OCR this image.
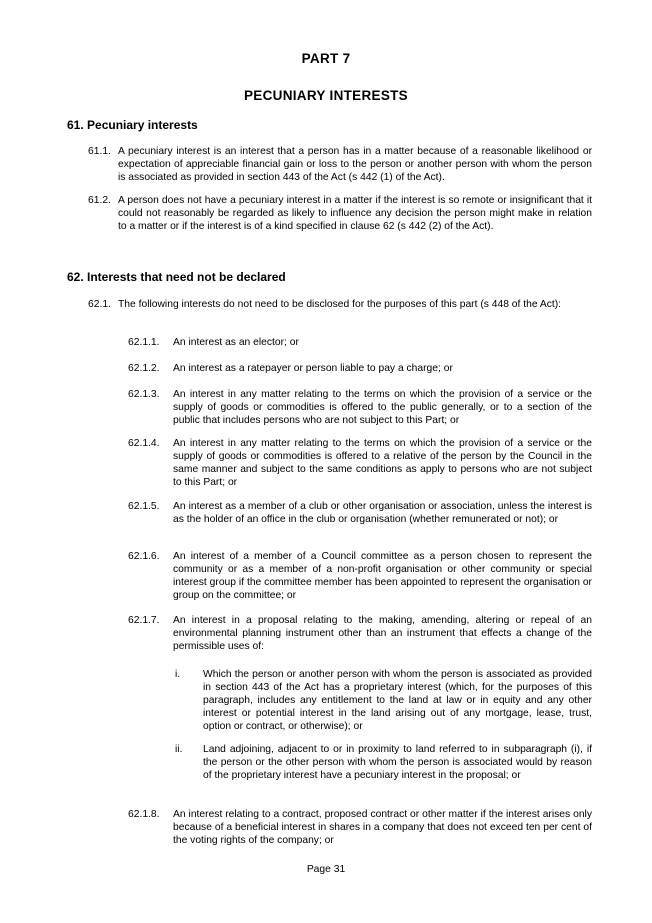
PART 7
PECUNIARY INTERESTS
61. Pecuniary interests
61.1. A pecuniary interest is an interest that a person has in a matter because of a reasonable likelihood or expectation of appreciable financial gain or loss to the person or another person with whom the person is associated as provided in section 443 of the Act (s 442 (1) of the Act).
61.2. A person does not have a pecuniary interest in a matter if the interest is so remote or insignificant that it could not reasonably be regarded as likely to influence any decision the person might make in relation to a matter or if the interest is of a kind specified in clause 62 (s 442 (2) of the Act).
62. Interests that need not be declared
62.1. The following interests do not need to be disclosed for the purposes of this part (s 448 of the Act):
62.1.1. An interest as an elector; or
62.1.2. An interest as a ratepayer or person liable to pay a charge; or
62.1.3. An interest in any matter relating to the terms on which the provision of a service or the supply of goods or commodities is offered to the public generally, or to a section of the public that includes persons who are not subject to this Part; or
62.1.4. An interest in any matter relating to the terms on which the provision of a service or the supply of goods or commodities is offered to a relative of the person by the Council in the same manner and subject to the same conditions as apply to persons who are not subject to this Part; or
62.1.5. An interest as a member of a club or other organisation or association, unless the interest is as the holder of an office in the club or organisation (whether remunerated or not); or
62.1.6. An interest of a member of a Council committee as a person chosen to represent the community or as a member of a non-profit organisation or other community or special interest group if the committee member has been appointed to represent the organisation or group on the committee; or
62.1.7. An interest in a proposal relating to the making, amending, altering or repeal of an environmental planning instrument other than an instrument that effects a change of the permissible uses of:
i. Which the person or another person with whom the person is associated as provided in section 443 of the Act has a proprietary interest (which, for the purposes of this paragraph, includes any entitlement to the land at law or in equity and any other interest or potential interest in the land arising out of any mortgage, lease, trust, option or contract, or otherwise); or
ii. Land adjoining, adjacent to or in proximity to land referred to in subparagraph (i), if the person or the other person with whom the person is associated would by reason of the proprietary interest have a pecuniary interest in the proposal; or
62.1.8. An interest relating to a contract, proposed contract or other matter if the interest arises only because of a beneficial interest in shares in a company that does not exceed ten per cent of the voting rights of the company; or
Page 31
